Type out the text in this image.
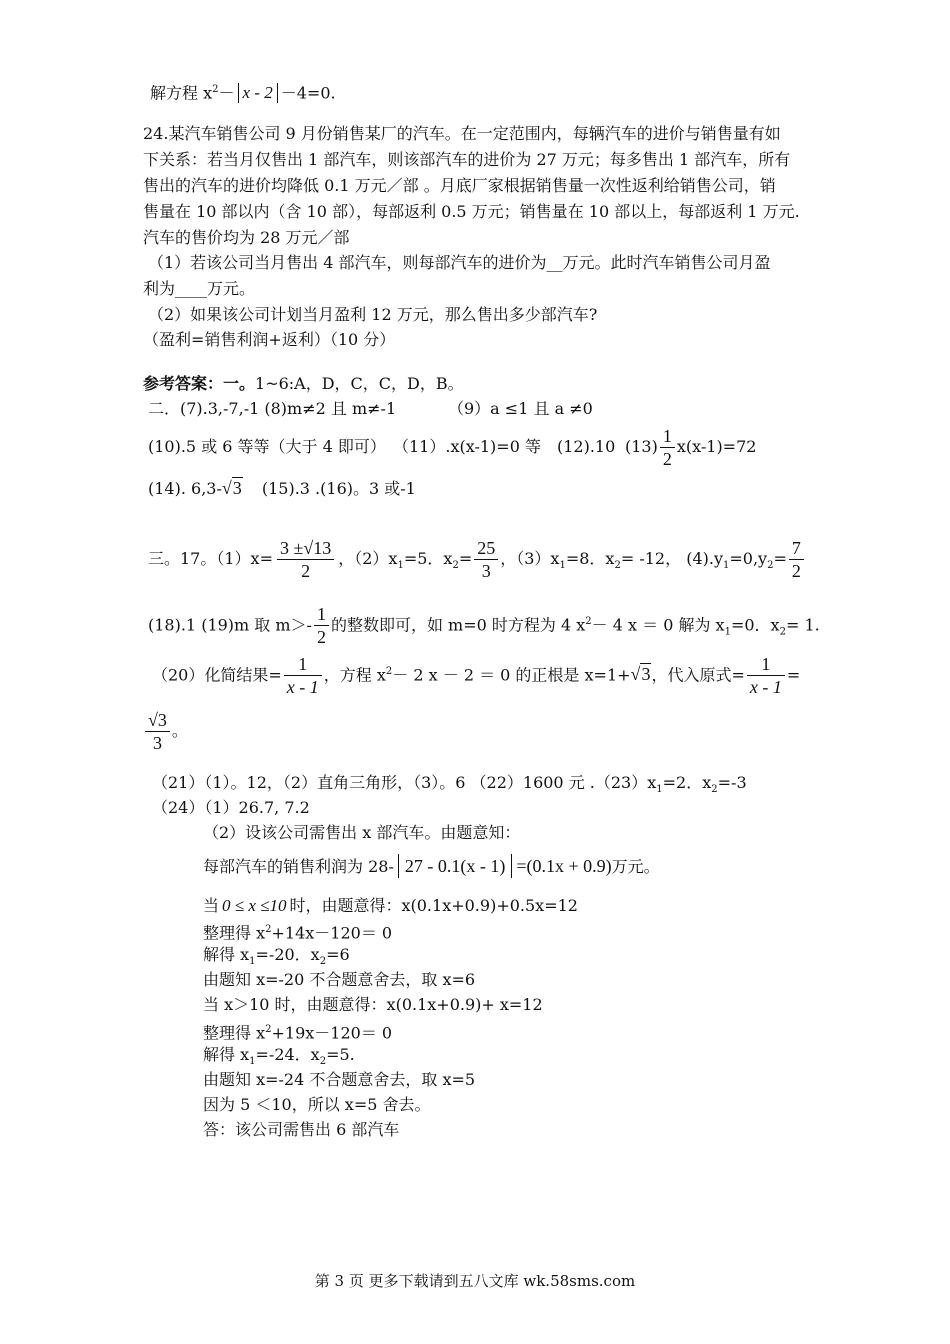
解方程 $x^2- x - 2 -4=0$.
24.某汽车销售公司 9 月份销售某厂的汽车。在一定范围内，每辆汽车的进价与销售量有如
下关系：若当月仅售出 1 部汽车，则该部汽车的进价为 27 万元；每多售出 1 部汽车，所有
售出的汽车的进价均降低 0.1 万元／部 。月底厂家根据销售量一次性返利给销售公司，销
售量在 10 部以内（含 10 部），每部返利 0.5 万元；销售量在 10 部以上，每部返利 1 万元.
汽车的售价均为 28 万元／部
（1）若该公司当月售出 4 部汽车，则每部汽车的进价为__万元。此时汽车销售公司月盈
利为____万元。
（2）如果该公司计划当月盈利 12 万元，那么售出多少部汽车?
（盈利=销售利润+返利）（10 分）
参考答案：一。1~6:A，D，C，C，D，B。
二．(7).3,-7,-1 (8)m≠2 且 m≠-1	（9）a ≤1 且 a ≠0
(10).5 或 6 等等（大于 4 即可） （11）.x(x-1)=0 等 (12).10 $(13) \frac{1}{2} x(x-1)=72$
(14). 6,3-√3 (15).3 .(16)。3 或-1
三。17。$(1)x= \frac{3 \pm√13}{2}$ ，$(2)x_1=5$．$x_2= \frac{25}{3}$ ，$(3)x_1=8$．$x_2= -12$， $(4).y_1=0,y_2= \frac{7}{2}$
(18).1 (19)m 取 $m>- \frac{1}{2}$ 的整数即可，如 m=0 时方程为 4 $x^2- 4$ x ＝ 0 解为 $x_1=0$．$x_2= 1$.
（20）化简结果= $\frac{1}{x - 1}$ ，方程 $x^2- 2$ x － 2 ＝ 0 的正根是 x=1+√3，代入原式= $\frac{1}{x - 1}$ =
$\frac{√3}{3}$ 。
（21）（1）。12，（2）直角三角形，（3）。6 （22）1600 元 $.(23)x_1=2$．$x_2=-3$
（24）（1）26.7, 7.2
（2）设该公司需售出 x 部汽车。由题意知：
每部汽车的销售利润为 28- 27 - 0.1(x - 1) =(0.1x + 0.9)万元。
当 0 ≤ x ≤10 时，由题意得：x(0.1x+0.9)+0.5x=12
整理得 $x^2+14x-120= 0$
解得 $x_1=-20$．$x_2=6$
由题知 x=-20 不合题意舍去，取 x=6
当 x＞10 时，由题意得：x(0.1x+0.9)+ x=12
整理得 $x^2+19x-120= 0$
解得 $x_1=-24$．$x_2=5$.
由题知 x=-24 不合题意舍去，取 x=5
因为 5 ＜10，所以 x=5 舍去。
答：该公司需售出 6 部汽车
第 3 页 更多下载请到五八文库 wk.58sms.com
